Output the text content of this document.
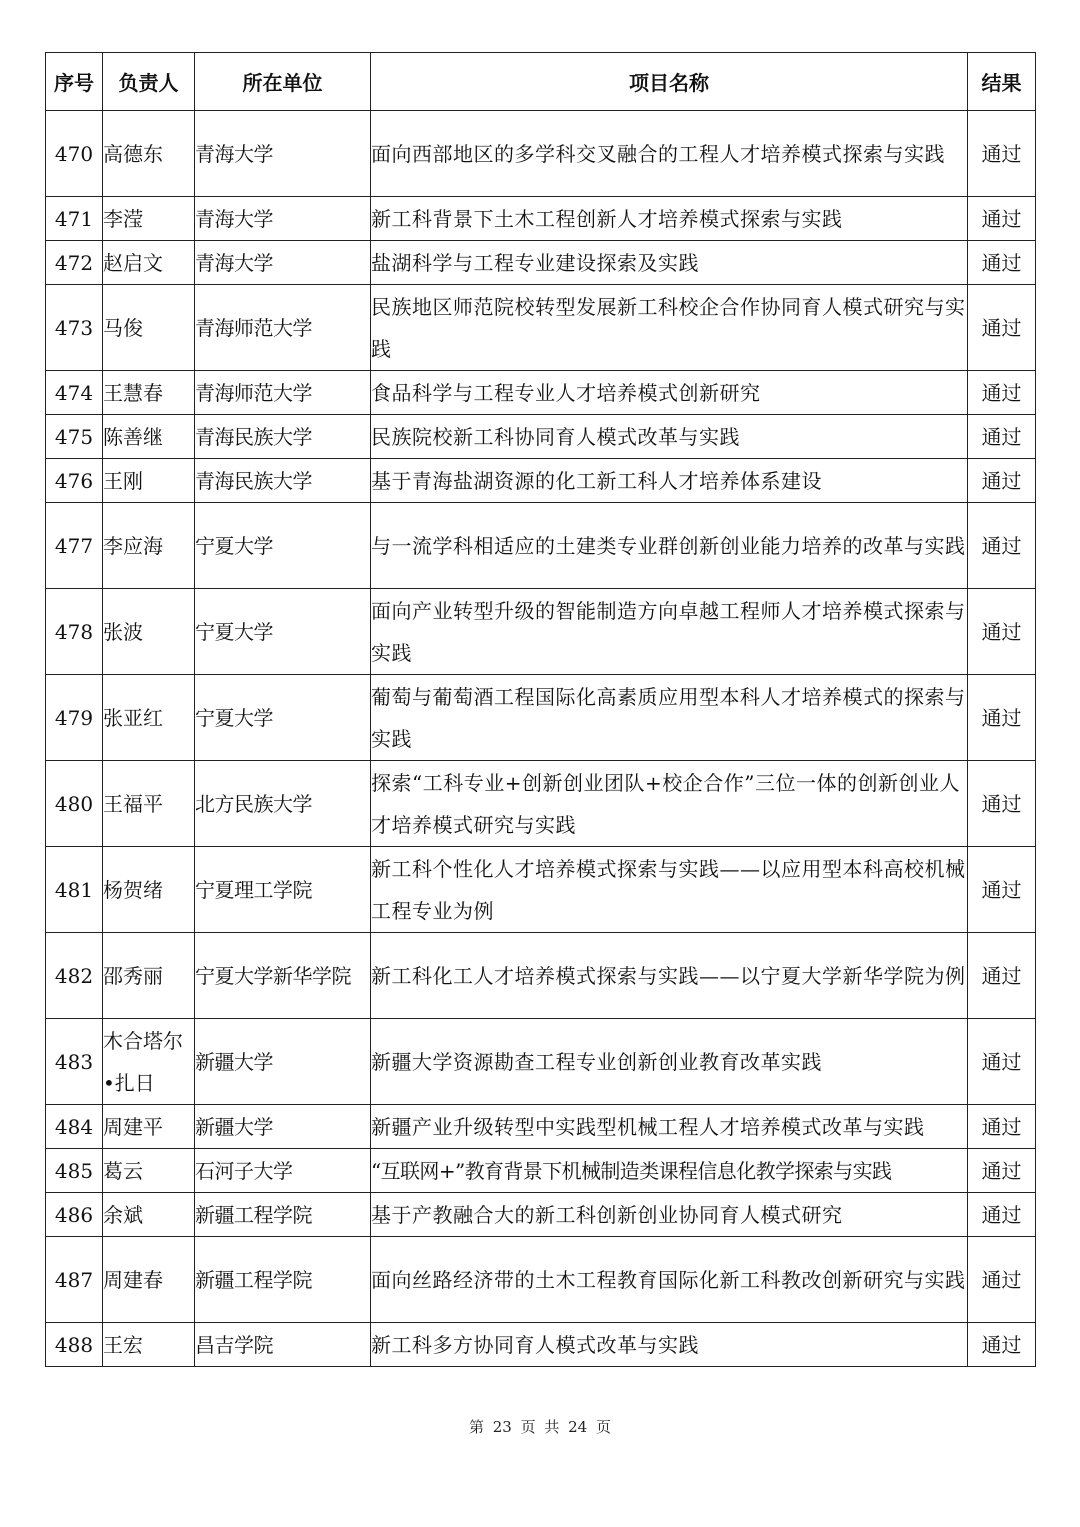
序号	负责人	所在单位	项目名称	结果
470	高德东	青海大学	面向西部地区的多学科交叉融合的工程人才培养模式探索与实践	通过
471	李滢	青海大学	新工科背景下土木工程创新人才培养模式探索与实践	通过
472	赵启文	青海大学	盐湖科学与工程专业建设探索及实践	通过
473	马俊	青海师范大学	民族地区师范院校转型发展新工科校企合作协同育人模式研究与实践	通过
474	王慧春	青海师范大学	食品科学与工程专业人才培养模式创新研究	通过
475	陈善继	青海民族大学	民族院校新工科协同育人模式改革与实践	通过
476	王刚	青海民族大学	基于青海盐湖资源的化工新工科人才培养体系建设	通过
477	李应海	宁夏大学	与一流学科相适应的土建类专业群创新创业能力培养的改革与实践	通过
478	张波	宁夏大学	面向产业转型升级的智能制造方向卓越工程师人才培养模式探索与实践	通过
479	张亚红	宁夏大学	葡萄与葡萄酒工程国际化高素质应用型本科人才培养模式的探索与实践	通过
480	王福平	北方民族大学	探索“工科专业+创新创业团队+校企合作”三位一体的创新创业人才培养模式研究与实践	通过
481	杨贺绪	宁夏理工学院	新工科个性化人才培养模式探索与实践——以应用型本科高校机械工程专业为例	通过
482	邵秀丽	宁夏大学新华学院	新工科化工人才培养模式探索与实践——以宁夏大学新华学院为例	通过
483	木合塔尔•扎日	新疆大学	新疆大学资源勘查工程专业创新创业教育改革实践	通过
484	周建平	新疆大学	新疆产业升级转型中实践型机械工程人才培养模式改革与实践	通过
485	葛云	石河子大学	“互联网+”教育背景下机械制造类课程信息化教学探索与实践	通过
486	余斌	新疆工程学院	基于产教融合大的新工科创新创业协同育人模式研究	通过
487	周建春	新疆工程学院	面向丝路经济带的土木工程教育国际化新工科教改创新研究与实践	通过
488	王宏	昌吉学院	新工科多方协同育人模式改革与实践	通过
第 23 页 共 24 页
